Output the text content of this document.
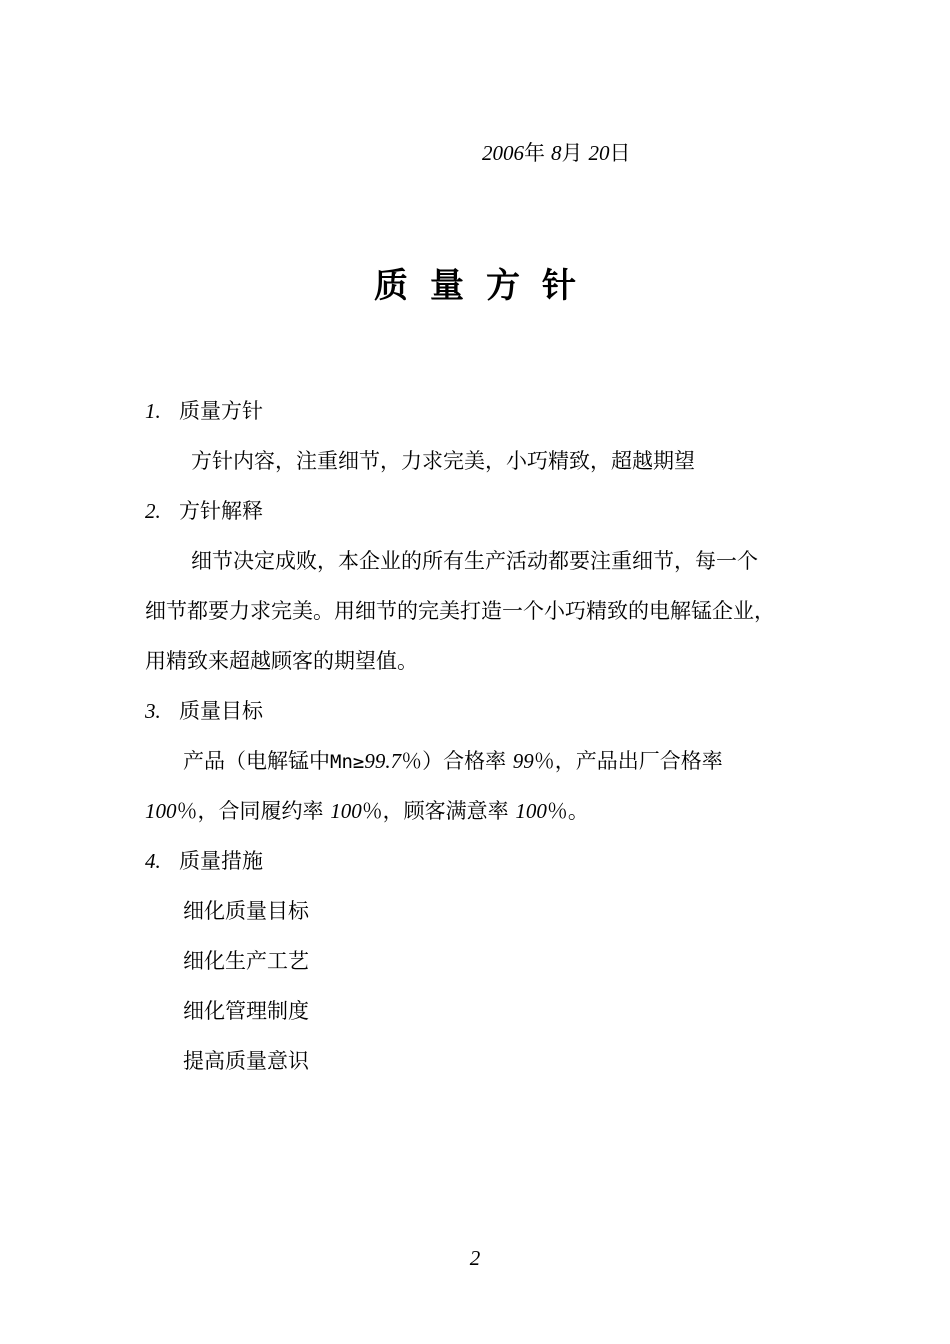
2006年 8月 20日
质量方针
1. 质量方针
方针内容，注重细节，力求完美，小巧精致，超越期望
2. 方针解释
细节决定成败，本企业的所有生产活动都要注重细节，每一个
细节都要力求完美。用细节的完美打造一个小巧精致的电解锰企业，
用精致来超越顾客的期望值。
3. 质量目标
产品（电解锰中Mn≥99.7％）合格率 99％，产品出厂合格率
100％，合同履约率 100％，顾客满意率 100％。
4. 质量措施
细化质量目标
细化生产工艺
细化管理制度
提高质量意识
2
